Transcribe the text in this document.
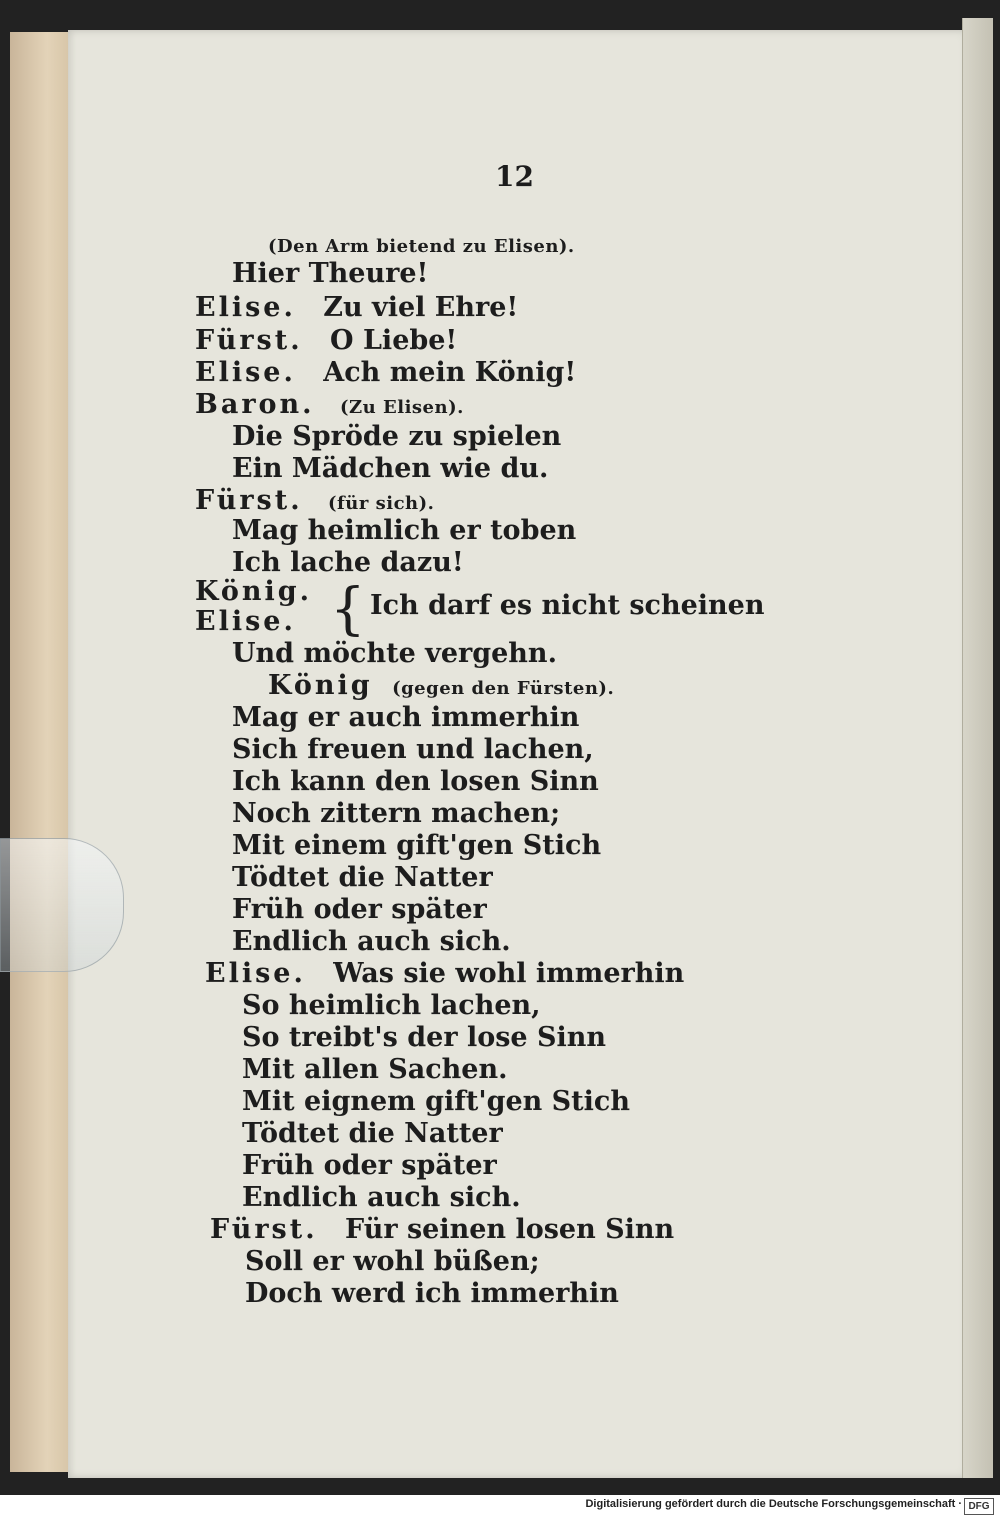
12
(Den Arm bietend zu Elisen).
Hier Theure!
Elise. Zu viel Ehre!
Fürst. O Liebe!
Elise. Ach mein König!
Baron. (Zu Elisen).
Die Spröde zu spielen
Ein Mädchen wie du.
Fürst. (für sich).
Mag heimlich er toben
Ich lache dazu!
König.
Elise. { Ich darf es nicht scheinen
Und möchte vergehn.
König (gegen den Fürsten).
Mag er auch immerhin
Sich freuen und lachen,
Ich kann den losen Sinn
Noch zittern machen;
Mit einem gift'gen Stich
Tödtet die Natter
Früh oder später
Endlich auch sich.
Elise. Was sie wohl immerhin
So heimlich lachen,
So treibt's der lose Sinn
Mit allen Sachen.
Mit eignem gift'gen Stich
Tödtet die Natter
Früh oder später
Endlich auch sich.
Fürst. Für seinen losen Sinn
Soll er wohl büßen;
Doch werd ich immerhin
Digitalisierung gefördert durch die Deutsche Forschungsgemeinschaft · DFG
